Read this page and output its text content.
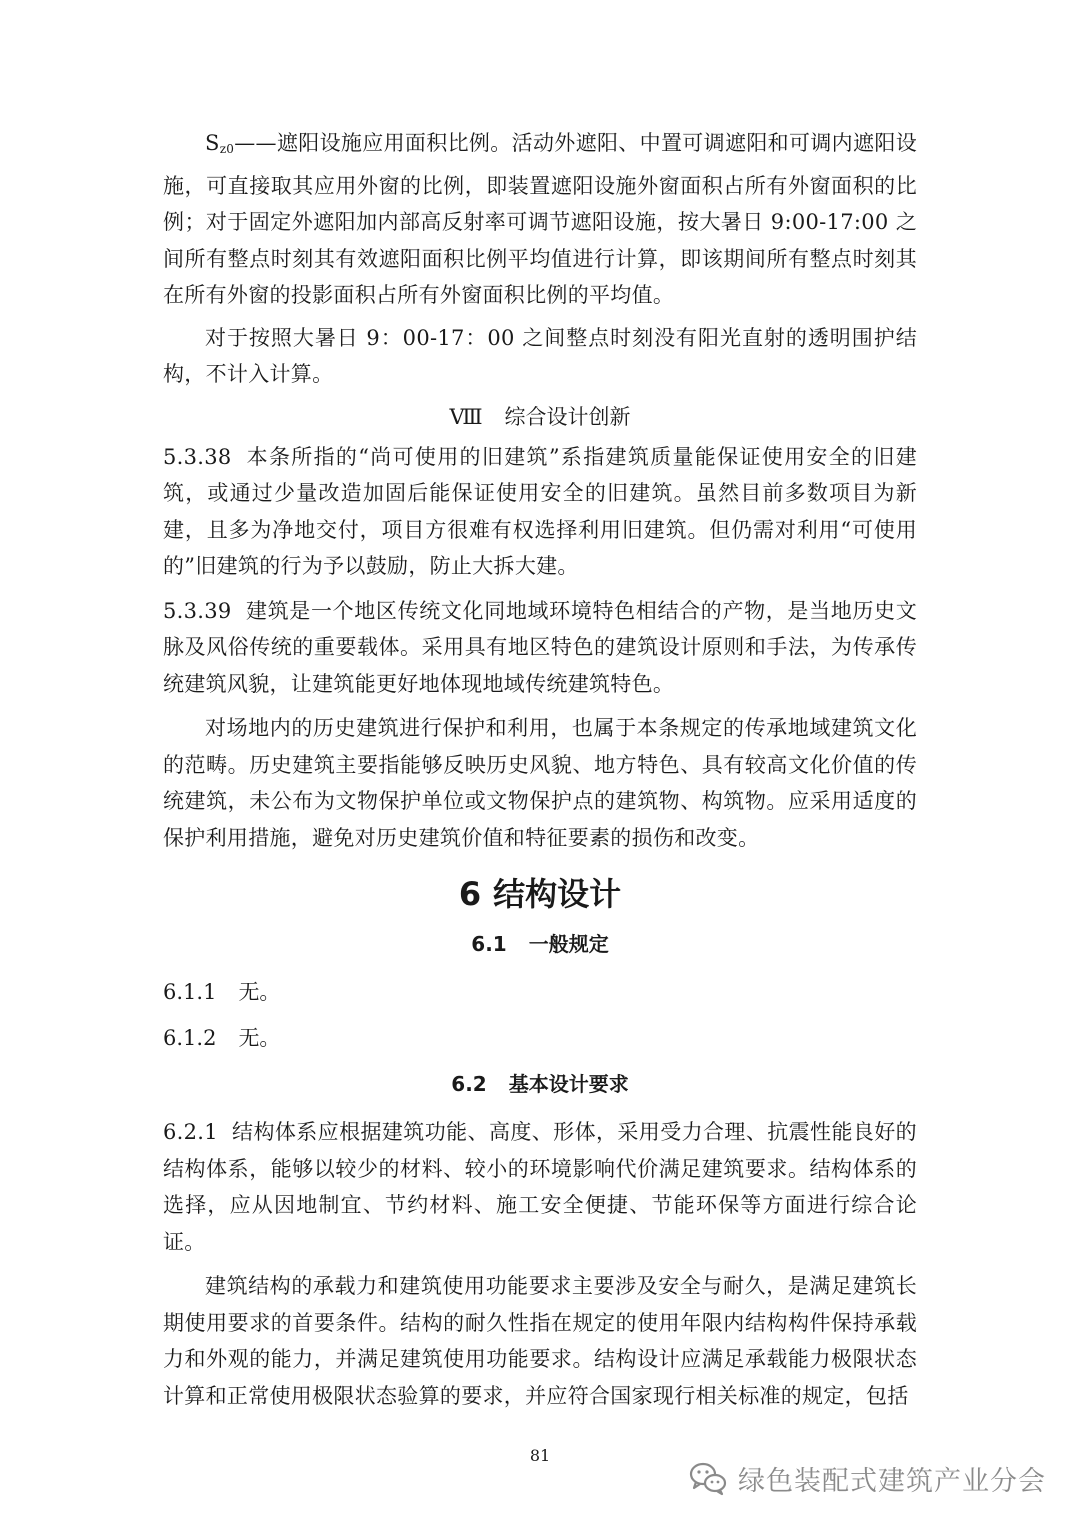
$S_{z0}——$遮阳设施应用面积比例。活动外遮阳、中置可调遮阳和可调内遮阳设施，可直接取其应用外窗的比例，即装置遮阳设施外窗面积占所有外窗面积的比例；对于固定外遮阳加内部高反射率可调节遮阳设施，按大暑日 9:00-17:00 之间所有整点时刻其有效遮阳面积比例平均值进行计算，即该期间所有整点时刻其在所有外窗的投影面积占所有外窗面积比例的平均值。

对于按照大暑日 9：00-17：00 之间整点时刻没有阳光直射的透明围护结构，不计入计算。

Ⅷ 综合设计创新

5.3.38 本条所指的“尚可使用的旧建筑”系指建筑质量能保证使用安全的旧建筑，或通过少量改造加固后能保证使用安全的旧建筑。虽然目前多数项目为新建，且多为净地交付，项目方很难有权选择利用旧建筑。但仍需对利用“可使用的”旧建筑的行为予以鼓励，防止大拆大建。

5.3.39 建筑是一个地区传统文化同地域环境特色相结合的产物，是当地历史文脉及风俗传统的重要载体。采用具有地区特色的建筑设计原则和手法，为传承传统建筑风貌，让建筑能更好地体现地域传统建筑特色。

对场地内的历史建筑进行保护和利用，也属于本条规定的传承地域建筑文化的范畴。历史建筑主要指能够反映历史风貌、地方特色、具有较高文化价值的传统建筑，未公布为文物保护单位或文物保护点的建筑物、构筑物。应采用适度的保护利用措施，避免对历史建筑价值和特征要素的损伤和改变。

6 结构设计
6.1 一般规定
6.1.1 无。
6.1.2 无。
6.2 基本设计要求

6.2.1 结构体系应根据建筑功能、高度、形体，采用受力合理、抗震性能良好的结构体系，能够以较少的材料、较小的环境影响代价满足建筑要求。结构体系的选择，应从因地制宜、节约材料、施工安全便捷、节能环保等方面进行综合论证。

建筑结构的承载力和建筑使用功能要求主要涉及安全与耐久，是满足建筑长期使用要求的首要条件。结构的耐久性指在规定的使用年限内结构构件保持承载力和外观的能力，并满足建筑使用功能要求。结构设计应满足承载能力极限状态计算和正常使用极限状态验算的要求，并应符合国家现行相关标准的规定，包括

81
绿色装配式建筑产业分会
